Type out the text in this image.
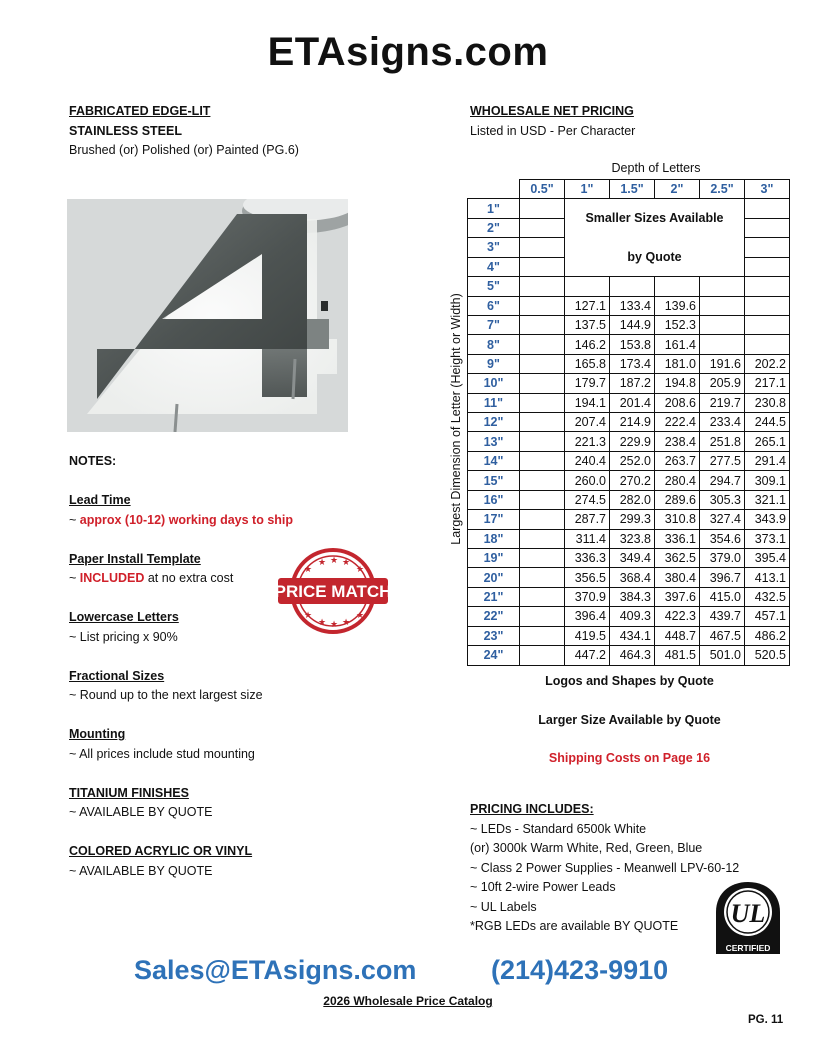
ETAsigns.com
FABRICATED EDGE-LIT
STAINLESS STEEL
Brushed (or) Polished (or) Painted (PG.6)
WHOLESALE NET PRICING
Listed in USD - Per Character
NOTES:
Lead Time
~ approx (10-12) working days to ship
Paper Install Template
~ INCLUDED at no extra cost
Lowercase Letters
~ List pricing x 90%
Fractional Sizes
~ Round up to the next largest size
Mounting
~ All prices include stud mounting
TITANIUM FINISHES
~ AVAILABLE BY QUOTE
COLORED ACRYLIC OR VINYL
~ AVAILABLE BY QUOTE
★
★ ★ ★
★
★
★ ★ ★
★
PRICE MATCH
Depth of Letters
Largest Dimension of Letter (Height or Width)
	0.5"	1"	1.5"	2"	2.5"	3"
1"		Smaller Sizes Available
by Quote				

2"						
3"						
4"						
5"						
6"		127.1	133.4	139.6		
7"		137.5	144.9	152.3		
8"		146.2	153.8	161.4		
9"		165.8	173.4	181.0	191.6	202.2
10"		179.7	187.2	194.8	205.9	217.1
11"		194.1	201.4	208.6	219.7	230.8
12"		207.4	214.9	222.4	233.4	244.5
13"		221.3	229.9	238.4	251.8	265.1
14"		240.4	252.0	263.7	277.5	291.4
15"		260.0	270.2	280.4	294.7	309.1
16"		274.5	282.0	289.6	305.3	321.1
17"		287.7	299.3	310.8	327.4	343.9
18"		311.4	323.8	336.1	354.6	373.1
19"		336.3	349.4	362.5	379.0	395.4
20"		356.5	368.4	380.4	396.7	413.1
21"		370.9	384.3	397.6	415.0	432.5
22"		396.4	409.3	422.3	439.7	457.1
23"		419.5	434.1	448.7	467.5	486.2
24"		447.2	464.3	481.5	501.0	520.5
Logos and Shapes by Quote
Larger Size Available by Quote
Shipping Costs on Page 16
PRICING INCLUDES:
~ LEDs - Standard 6500k White
(or) 3000k Warm White, Red, Green, Blue
~ Class 2 Power Supplies - Meanwell LPV-60-12
~ 10ft 2-wire Power Leads
~ UL Labels
*RGB LEDs are available BY QUOTE	UL
CERTIFIED
Sales@ETAsigns.com	(214)423-9910
2026 Wholesale Price Catalog
PG. 11
